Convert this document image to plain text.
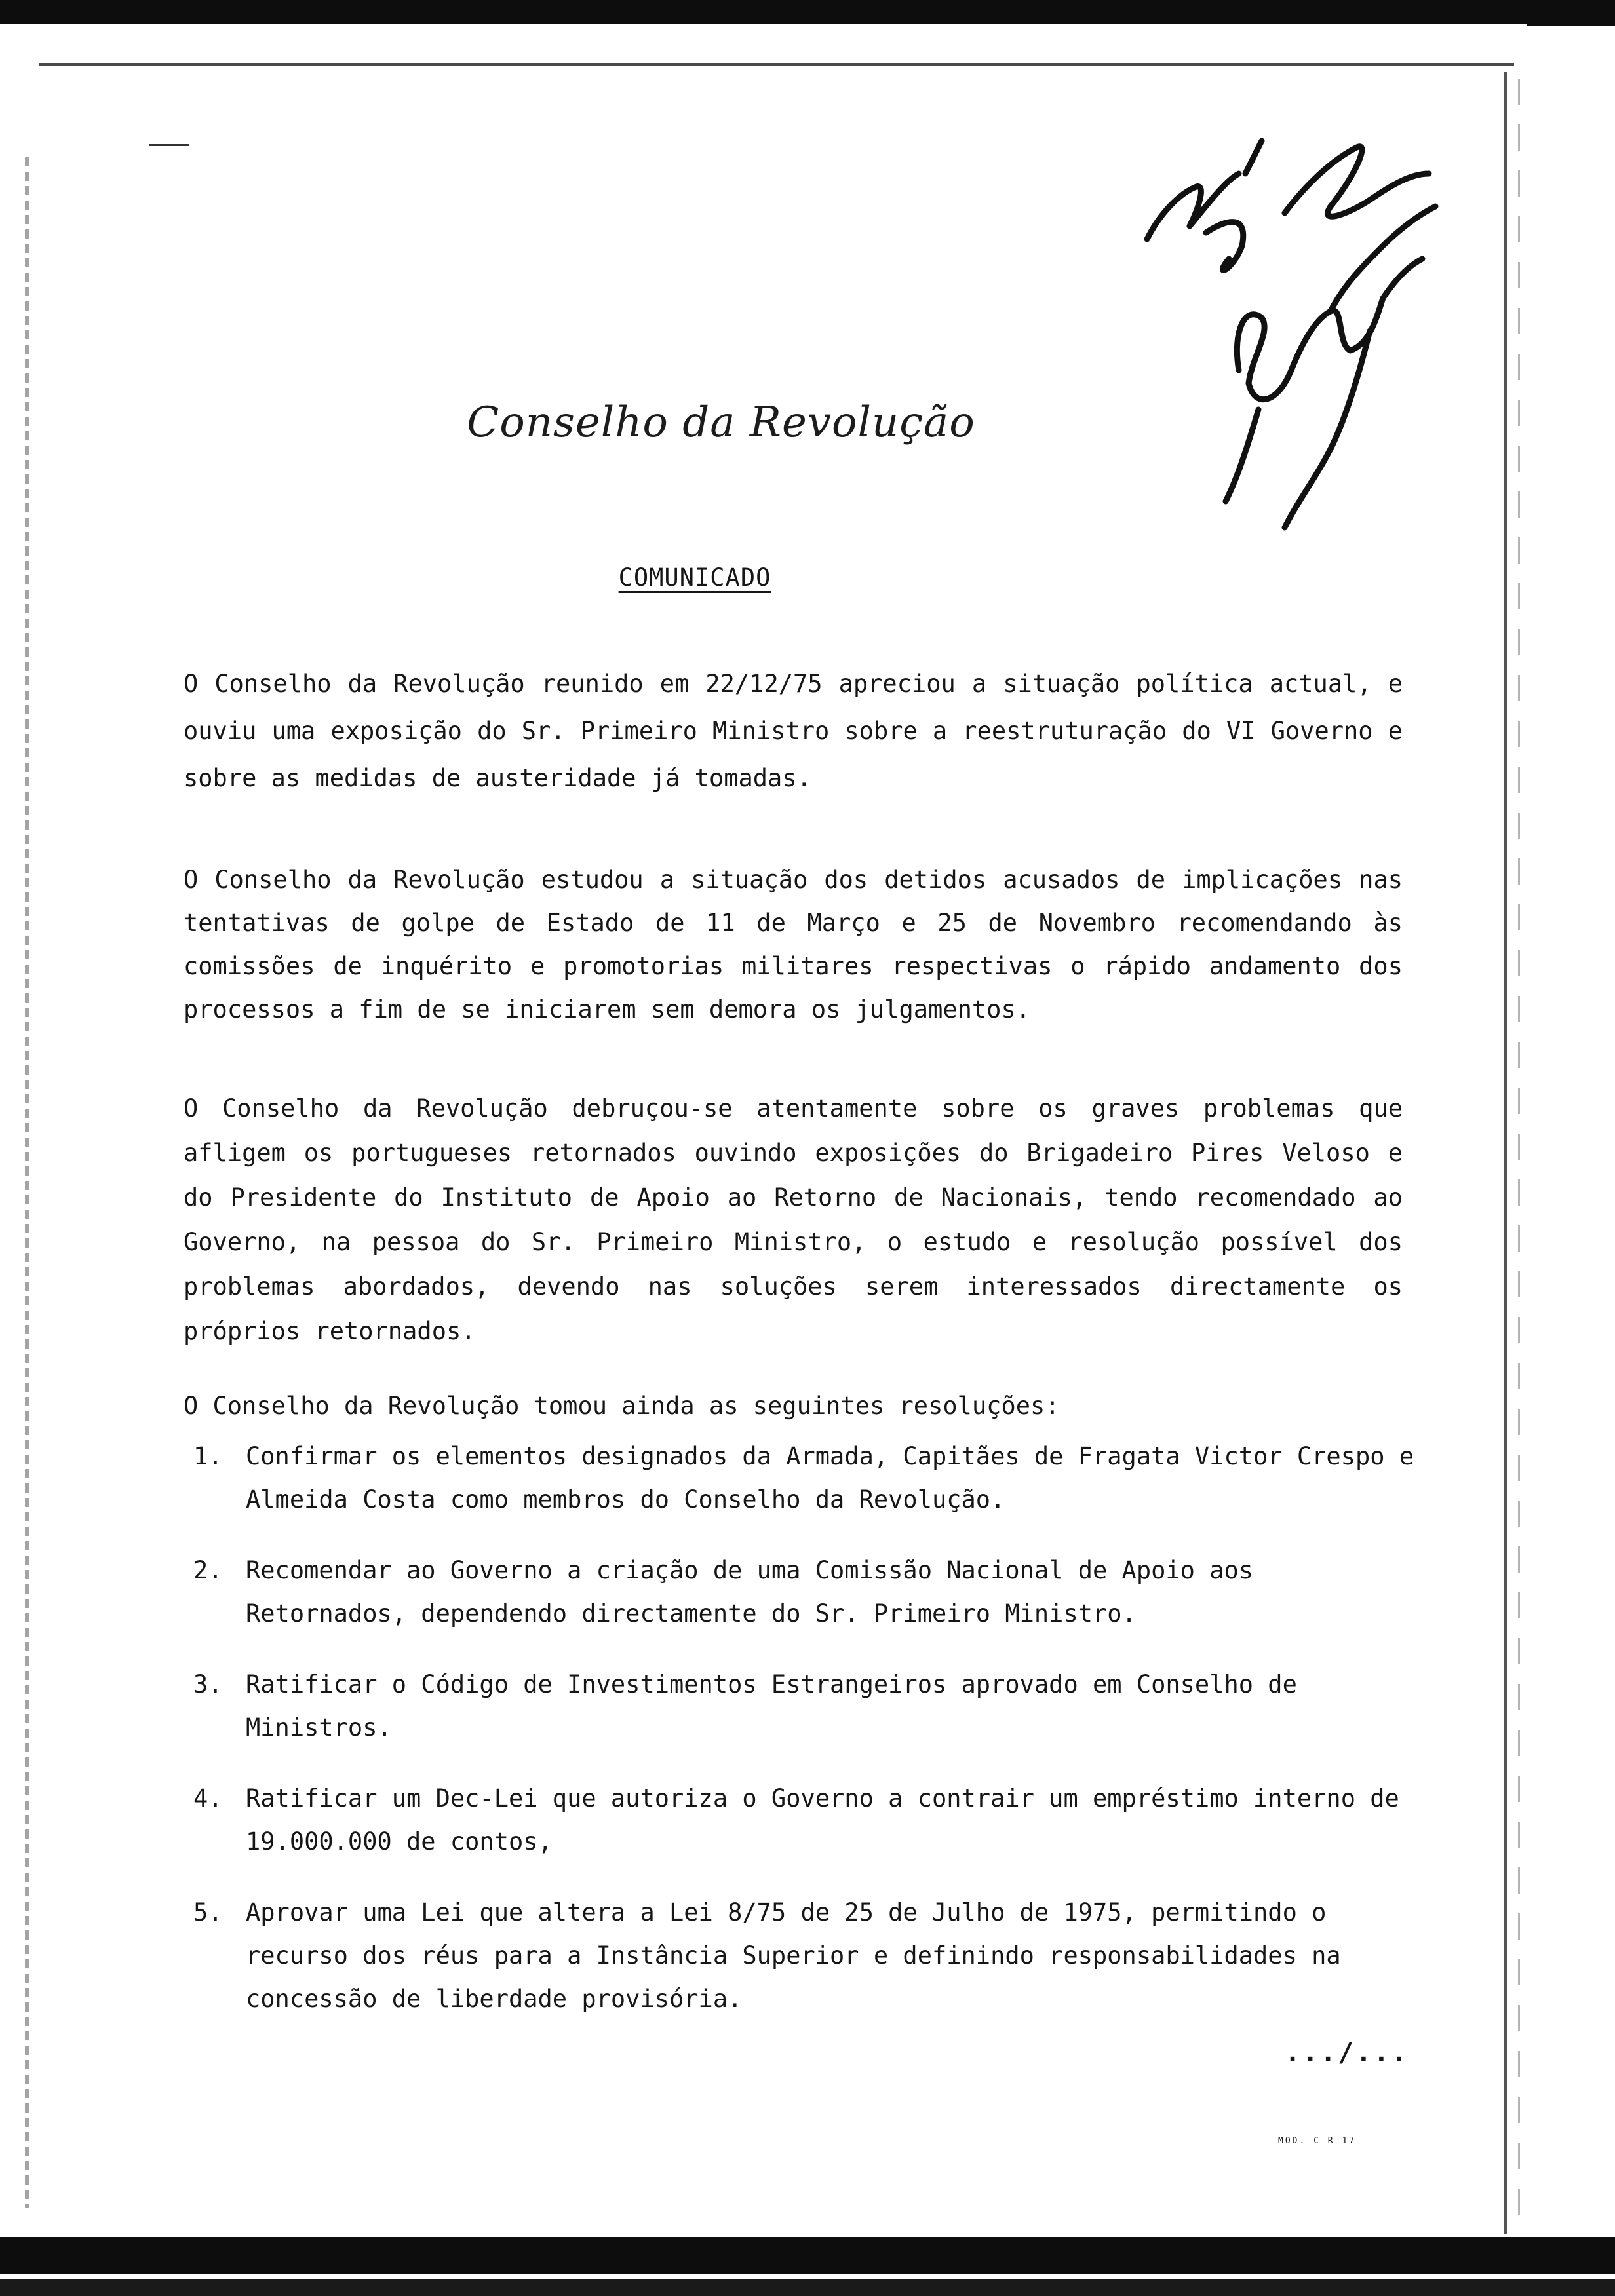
Conselho da Revolução
COMUNICADO

O Conselho da Revolução reunido em 22/12/75 apreciou a situação política actual, e ouviu uma exposição do Sr. Primeiro Ministro sobre a reestruturação do VI Governo e sobre as medidas de austeridade já tomadas.

O Conselho da Revolução estudou a situação dos detidos acusados de implicações nas tentativas de golpe de Estado de 11 de Março e 25 de Novembro recomendando às comissões de inquérito e promotorias militares respectivas o rápido andamento dos processos a fim de se iniciarem sem demora os julgamentos.

O Conselho da Revolução debruçou-se atentamente sobre os graves problemas que afligem os portugueses retornados ouvindo exposições do Brigadeiro Pires Veloso e do Presidente do Instituto de Apoio ao Retorno de Nacionais, tendo recomendado ao Governo, na pessoa do Sr. Primeiro Ministro, o estudo e resolução possível dos problemas abordados, devendo nas soluções serem interessados directamente os próprios retornados.

O Conselho da Revolução tomou ainda as seguintes resoluções:

1. Confirmar os elementos designados da Armada, Capitães de Fragata Victor Crespo e Almeida Costa como membros do Conselho da Revolução.
2. Recomendar ao Governo a criação de uma Comissão Nacional de Apoio aos Retornados, dependendo directamente do Sr. Primeiro Ministro.
3. Ratificar o Código de Investimentos Estrangeiros aprovado em Conselho de Ministros.
4. Ratificar um Dec-Lei que autoriza o Governo a contrair um empréstimo interno de 19.000.000 de contos,
5. Aprovar uma Lei que altera a Lei 8/75 de 25 de Julho de 1975, permitindo o recurso dos réus para a Instância Superior e definindo responsabilidades na concessão de liberdade provisória.
.../...
MOD. C R 17
